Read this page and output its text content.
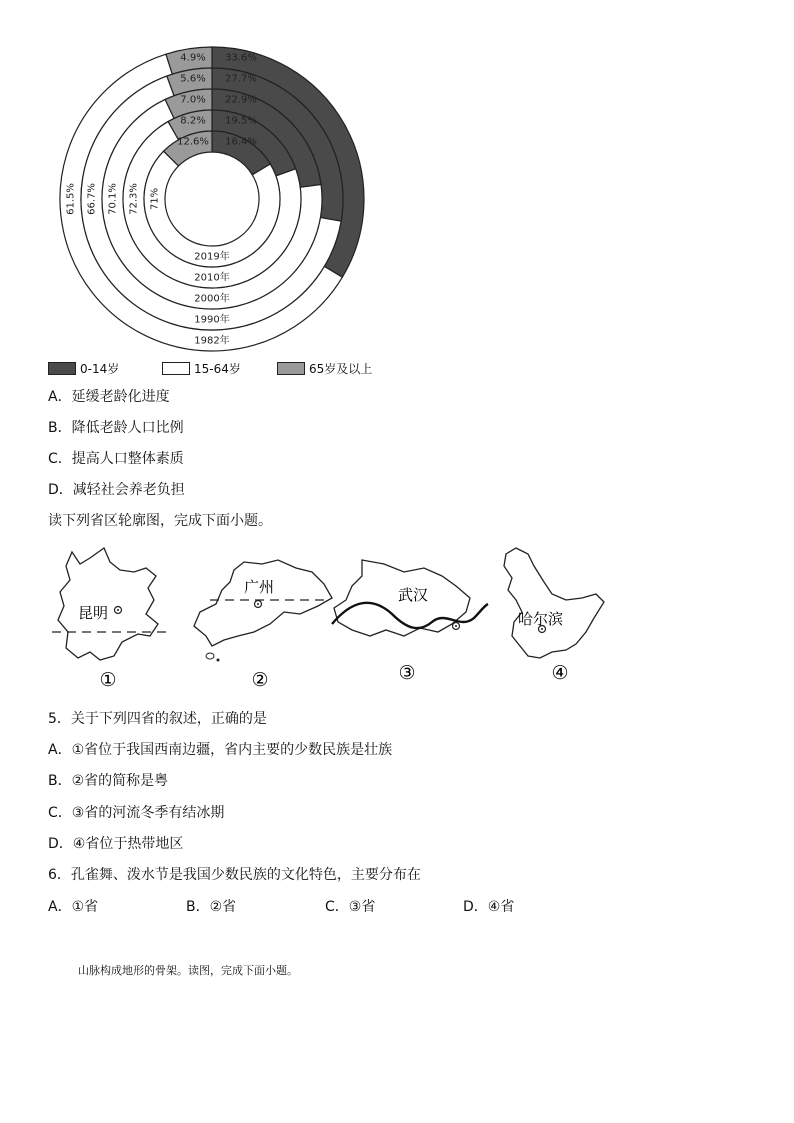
33.6%
4.9%
61.5%
27.7%
5.6%
66.7%
22.9%
7.0%
70.1%
19.5%
8.2%
72.3%
16.4%
12.6%
71%
1982年
1990年
2000年
2010年
2019年
0-14岁	15-64岁	65岁及以上
A．延缓老龄化进度
B．降低老龄人口比例
C．提高人口整体素质
D．减轻社会养老负担
读下列省区轮廓图，完成下面小题。
昆明
①
广州
②
武汉
③
哈尔滨
④
5．关于下列四省的叙述，正确的是
A．①省位于我国西南边疆，省内主要的少数民族是壮族
B．②省的简称是粤
C．③省的河流冬季有结冰期
D．④省位于热带地区
6．孔雀舞、泼水节是我国少数民族的文化特色，主要分布在
A．①省	B．②省	C．③省	D．④省
山脉构成地形的骨架。读图，完成下面小题。
